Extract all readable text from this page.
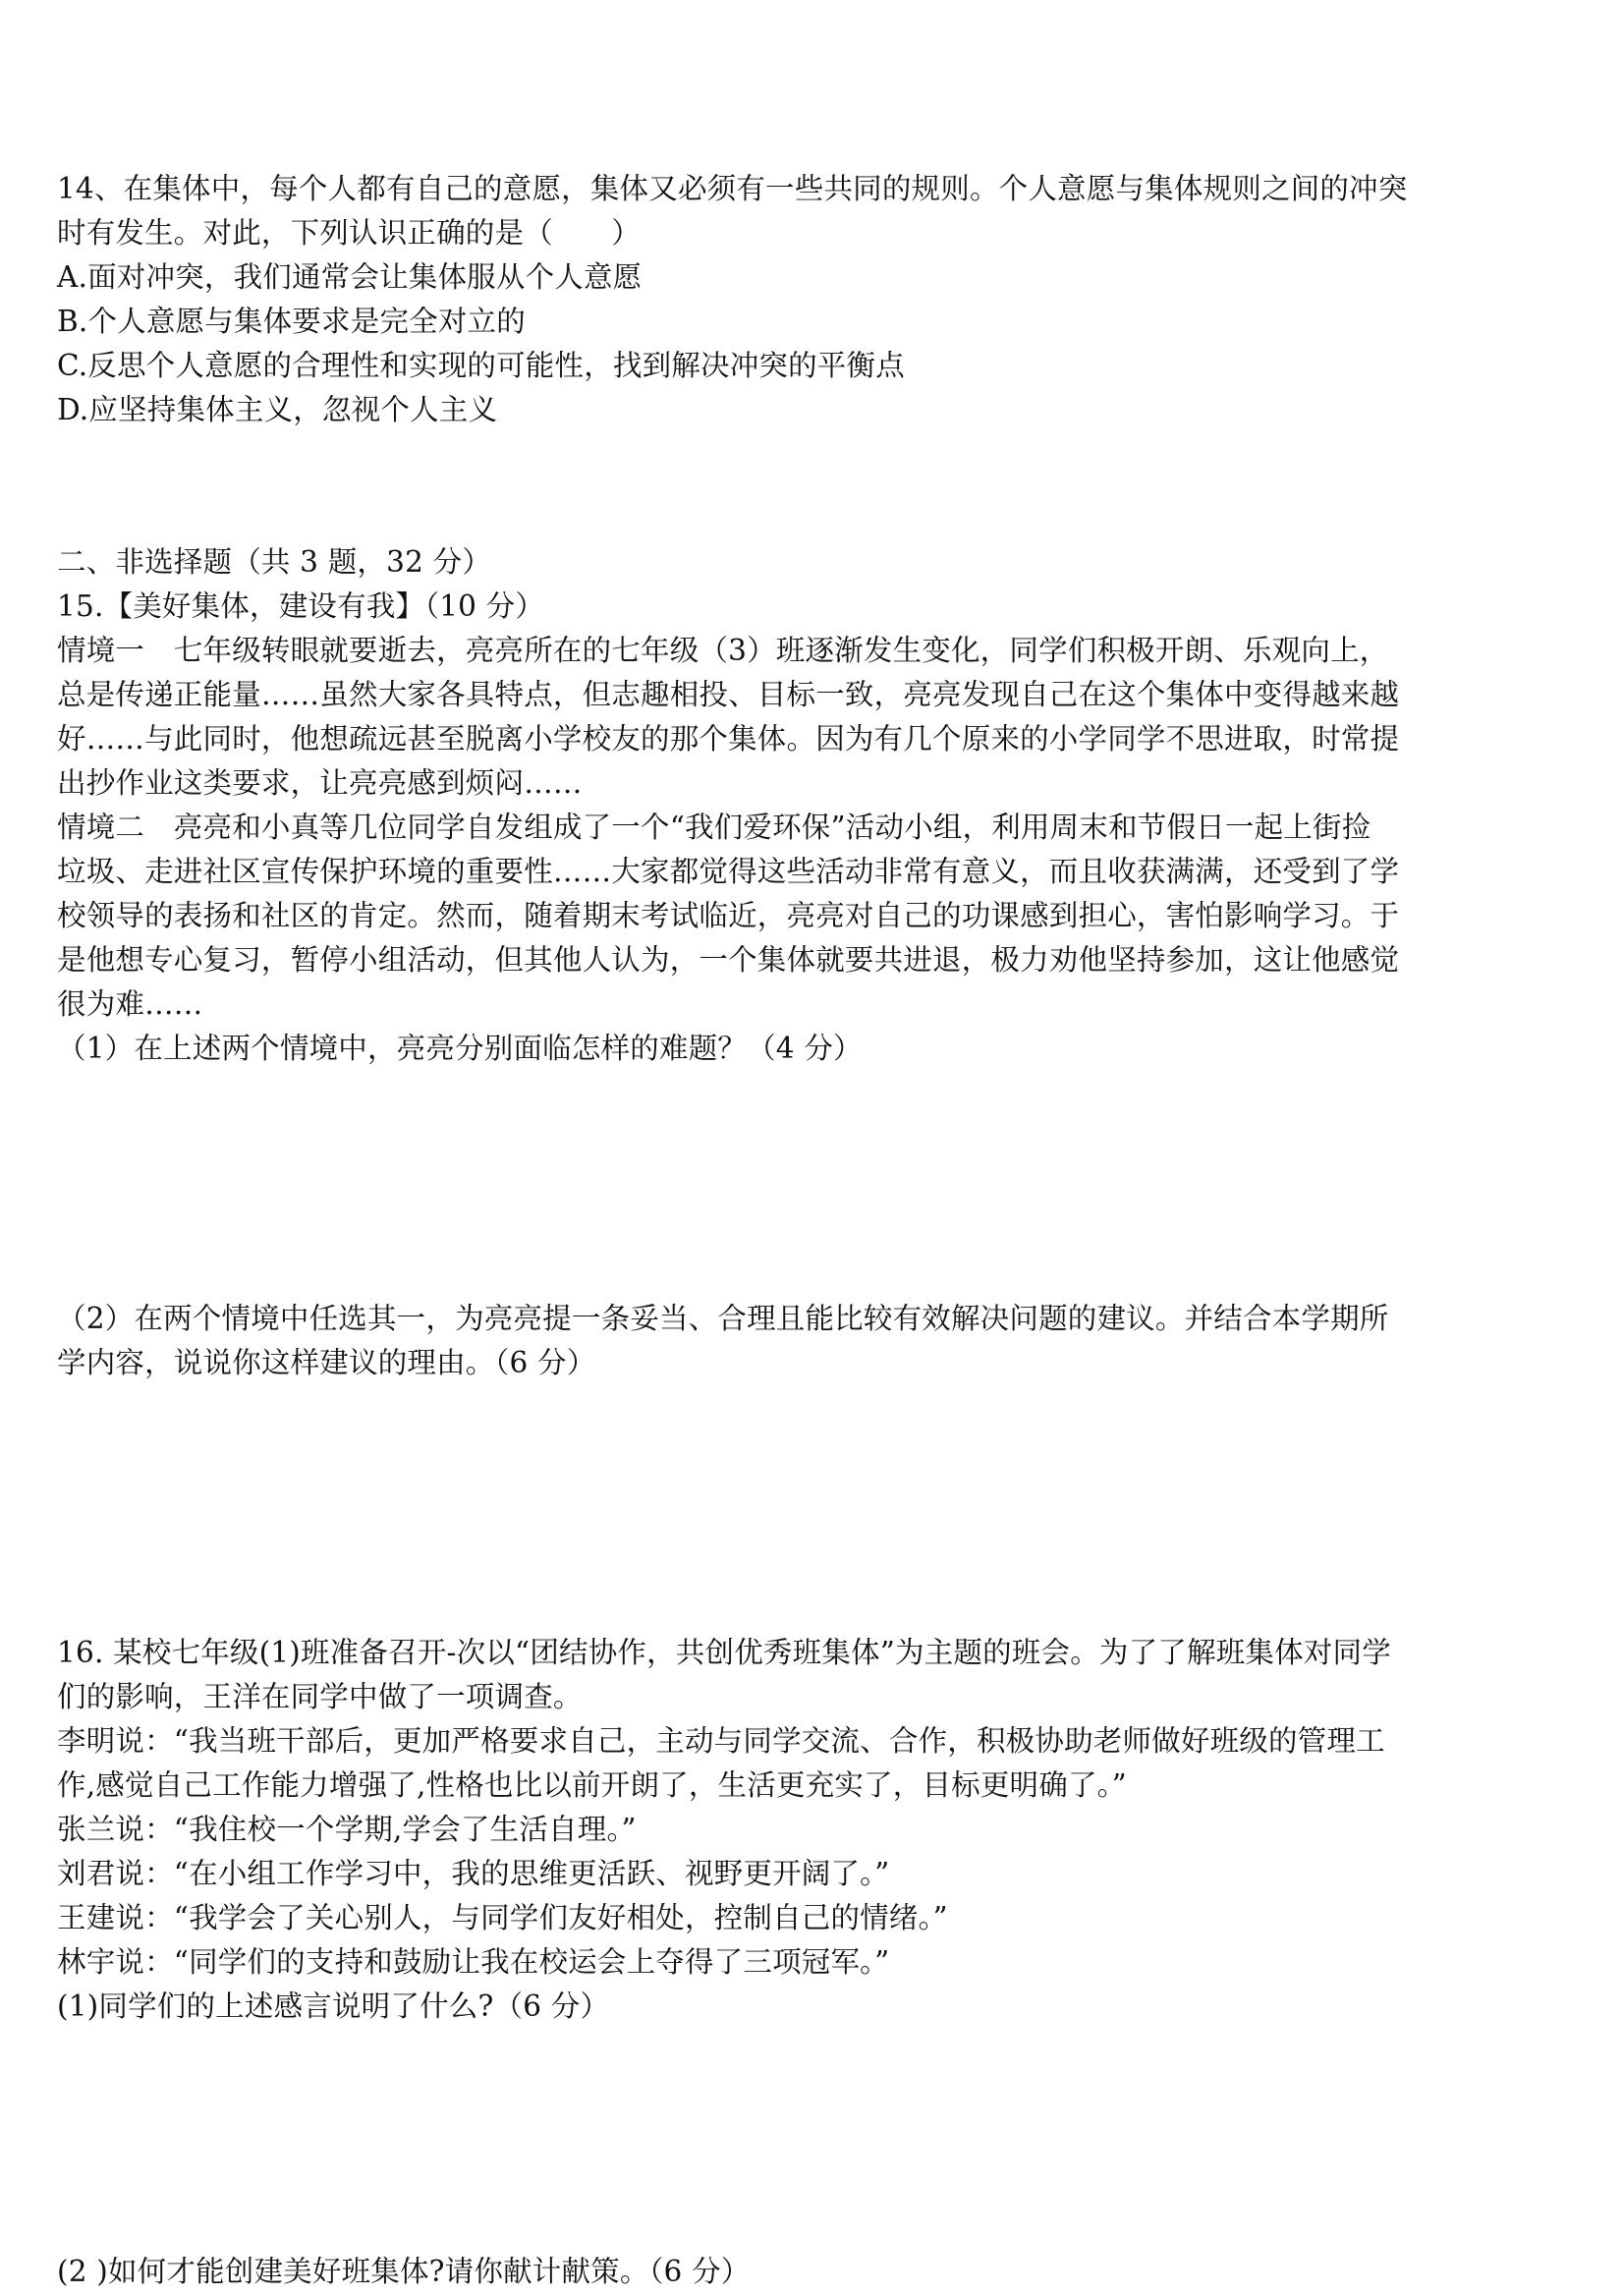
14、在集体中，每个人都有自己的意愿，集体又必须有一些共同的规则。个人意愿与集体规则之间的冲突
时有发生。对此，下列认识正确的是（　　）
A.面对冲突，我们通常会让集体服从个人意愿
B.个人意愿与集体要求是完全对立的
C.反思个人意愿的合理性和实现的可能性，找到解决冲突的平衡点
D.应坚持集体主义，忽视个人主义
二、非选择题（共 3 题，32 分）
15.【美好集体，建设有我】（10 分）
情境一　七年级转眼就要逝去，亮亮所在的七年级（3）班逐渐发生变化，同学们积极开朗、乐观向上，
总是传递正能量……虽然大家各具特点，但志趣相投、目标一致，亮亮发现自己在这个集体中变得越来越
好……与此同时，他想疏远甚至脱离小学校友的那个集体。因为有几个原来的小学同学不思进取，时常提
出抄作业这类要求，让亮亮感到烦闷……
情境二　亮亮和小真等几位同学自发组成了一个“我们爱环保”活动小组，利用周末和节假日一起上街捡
垃圾、走进社区宣传保护环境的重要性……大家都觉得这些活动非常有意义，而且收获满满，还受到了学
校领导的表扬和社区的肯定。然而，随着期末考试临近，亮亮对自己的功课感到担心，害怕影响学习。于
是他想专心复习，暂停小组活动，但其他人认为，一个集体就要共进退，极力劝他坚持参加，这让他感觉
很为难……
（1）在上述两个情境中，亮亮分别面临怎样的难题？（4 分）
（2）在两个情境中任选其一，为亮亮提一条妥当、合理且能比较有效解决问题的建议。并结合本学期所
学内容，说说你这样建议的理由。（6 分）
16. 某校七年级(1)班准备召开-次以“团结协作，共创优秀班集体”为主题的班会。为了了解班集体对同学
们的影响，王洋在同学中做了一项调查。
李明说：“我当班干部后，更加严格要求自己，主动与同学交流、合作，积极协助老师做好班级的管理工
作,感觉自己工作能力增强了,性格也比以前开朗了，生活更充实了，目标更明确了。”
张兰说：“我住校一个学期,学会了生活自理。”
刘君说：“在小组工作学习中，我的思维更活跃、视野更开阔了。”
王建说：“我学会了关心别人，与同学们友好相处，控制自己的情绪。”
林宇说：“同学们的支持和鼓励让我在校运会上夺得了三项冠军。”
(1)同学们的上述感言说明了什么?（6 分）
(2 )如何才能创建美好班集体?请你献计献策。（6 分）
